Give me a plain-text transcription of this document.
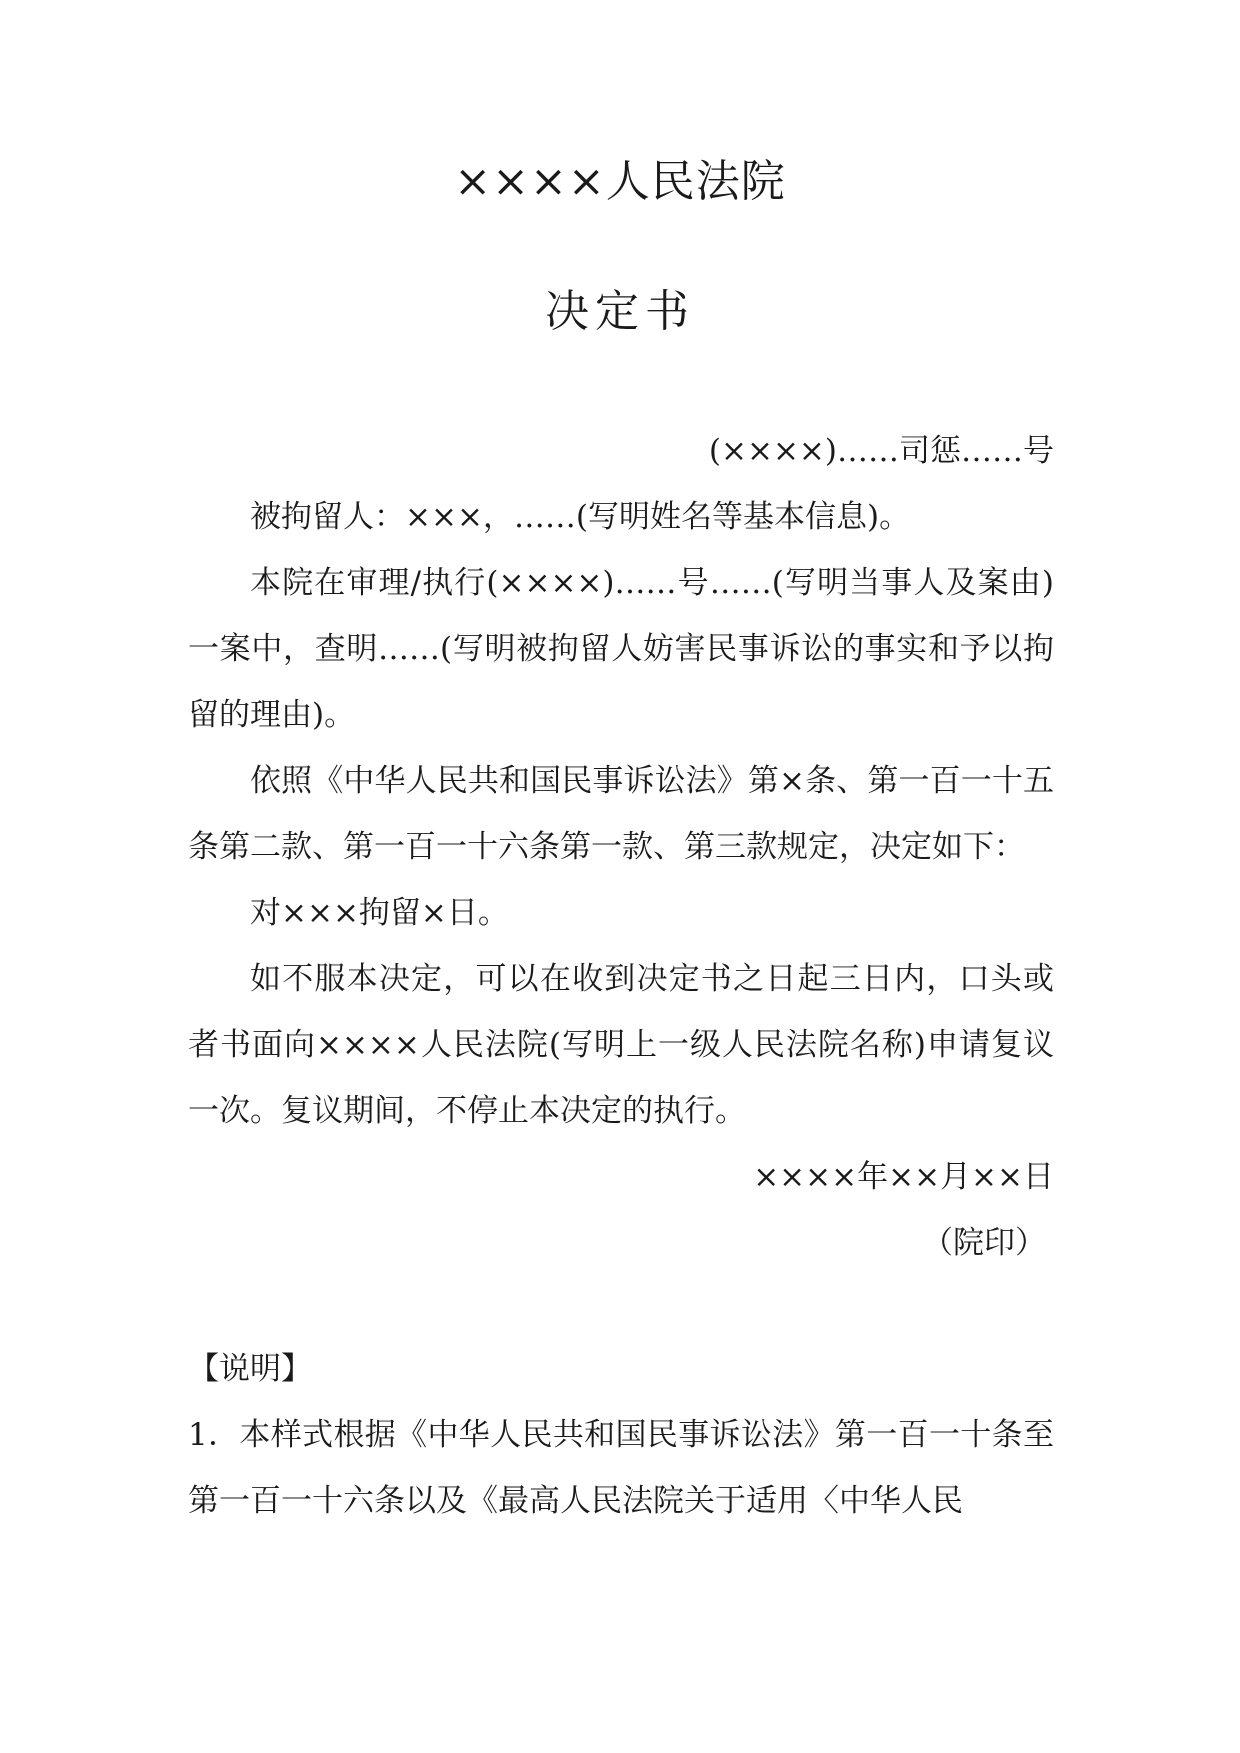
××××人民法院
决定书

(××××)……司惩……号

被拘留人：×××，……(写明姓名等基本信息)。

本院在审理/执行(××××)……号……(写明当事人及案由)一案中，查明……(写明被拘留人妨害民事诉讼的事实和予以拘留的理由)。

依照《中华人民共和国民事诉讼法》第×条、第一百一十五条第二款、第一百一十六条第一款、第三款规定，决定如下：

对×××拘留×日。

如不服本决定，可以在收到决定书之日起三日内，口头或者书面向××××人民法院(写明上一级人民法院名称)申请复议一次。复议期间，不停止本决定的执行。

××××年××月××日

（院印）

【说明】

1．本样式根据《中华人民共和国民事诉讼法》第一百一十条至第一百一十六条以及《最高人民法院关于适用〈中华人民
